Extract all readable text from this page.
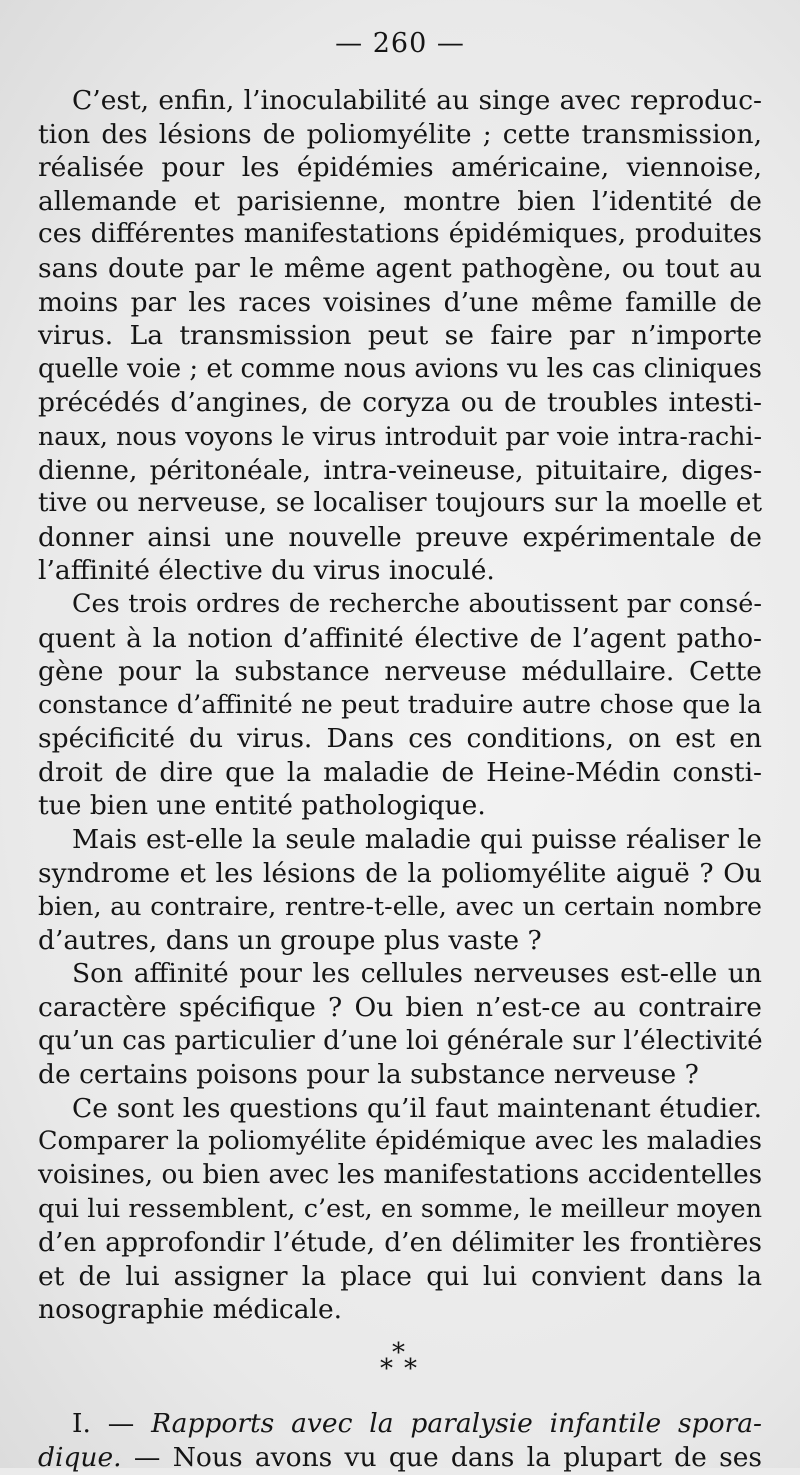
— 260 —
C’est, enfin, l’inoculabilité au singe avec reproduc-
tion des lésions de poliomyélite ; cette transmission,
réalisée pour les épidémies américaine, viennoise,
allemande et parisienne, montre bien l’identité de
ces différentes manifestations épidémiques, produites
sans doute par le même agent pathogène, ou tout au
moins par les races voisines d’une même famille de
virus. La transmission peut se faire par n’importe
quelle voie ; et comme nous avions vu les cas cliniques
précédés d’angines, de coryza ou de troubles intesti-
naux, nous voyons le virus introduit par voie intra-rachi-
dienne, péritonéale, intra-veineuse, pituitaire, diges-
tive ou nerveuse, se localiser toujours sur la moelle et
donner ainsi une nouvelle preuve expérimentale de
l’affinité élective du virus inoculé.
Ces trois ordres de recherche aboutissent par consé-
quent à la notion d’affinité élective de l’agent patho-
gène pour la substance nerveuse médullaire. Cette
constance d’affinité ne peut traduire autre chose que la
spécificité du virus. Dans ces conditions, on est en
droit de dire que la maladie de Heine-Médin consti-
tue bien une entité pathologique.
Mais est-elle la seule maladie qui puisse réaliser le
syndrome et les lésions de la poliomyélite aiguë ? Ou
bien, au contraire, rentre-t-elle, avec un certain nombre
d’autres, dans un groupe plus vaste ?
Son affinité pour les cellules nerveuses est-elle un
caractère spécifique ? Ou bien n’est-ce au contraire
qu’un cas particulier d’une loi générale sur l’électivité
de certains poisons pour la substance nerveuse ?
Ce sont les questions qu’il faut maintenant étudier.
Comparer la poliomyélite épidémique avec les maladies
voisines, ou bien avec les manifestations accidentelles
qui lui ressemblent, c’est, en somme, le meilleur moyen
d’en approfondir l’étude, d’en délimiter les frontières
et de lui assigner la place qui lui convient dans la
nosographie médicale.
*
* *
I. — Rapports avec la paralysie infantile spora-
dique. — Nous avons vu que dans la plupart de ses
